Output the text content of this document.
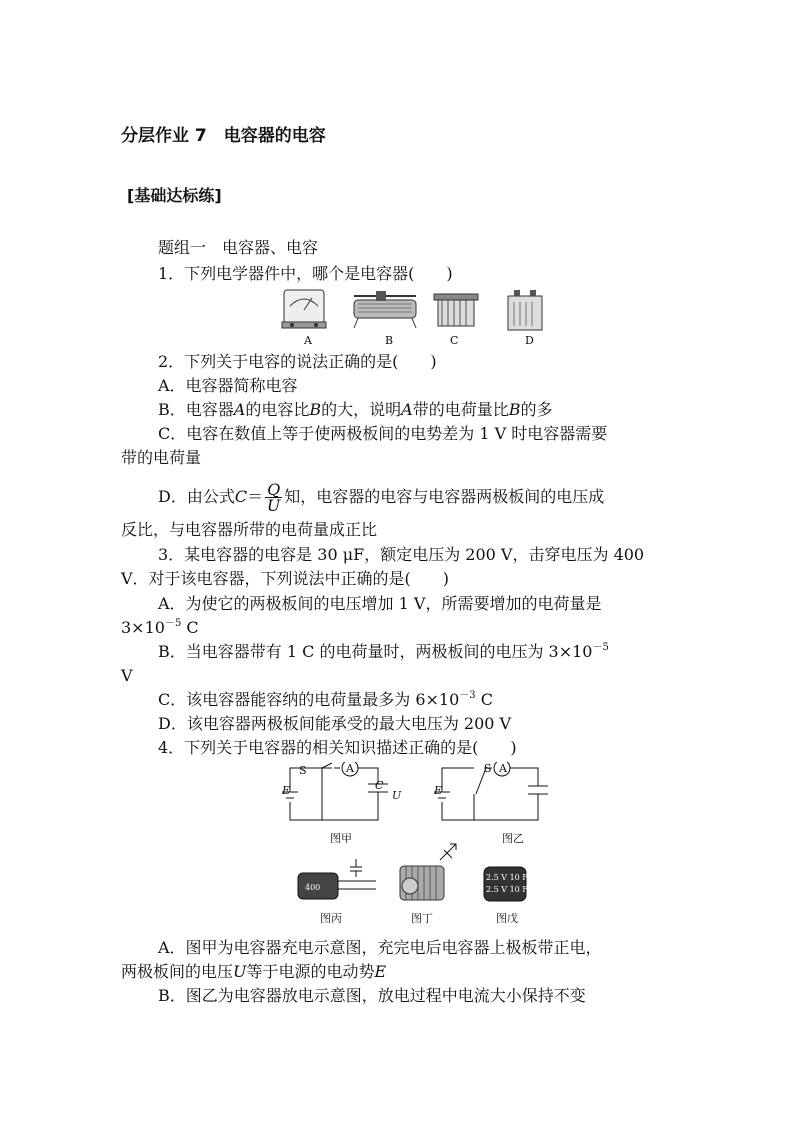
分层作业 7　电容器的电容
[基础达标练]
题组一　电容器、电容
1．下列电学器件中，哪个是电容器(　　)
A	B	C	D
2．下列关于电容的说法正确的是(　　)
A．电容器简称电容
B．电容器A的电容比B的大，说明A带的电荷量比B的多
C．电容在数值上等于使两极板间的电势差为 1 V 时电容器需要
带的电荷量
D．由公式$C= \frac{Q}{U}$ 知，电容器的电容与电容器两极板间的电压成
反比，与电容器所带的电荷量成正比
3．某电容器的电容是 30 μF，额定电压为 200 V，击穿电压为 400
V．对于该电容器，下列说法中正确的是(　　)
A．为使它的两极板间的电压增加 1 V，所需要增加的电荷量是
$3\times 10^{-5}$ C
B．当电容器带有 1 C 的电荷量时，两极板间的电压为 $3\times 10^{-5}$
V
C．该电容器能容纳的电荷量最多为 $6\times 10^{-3}$ C
D．该电容器两极板间能承受的最大电压为 200 V
4．下列关于电容器的相关知识描述正确的是(　　)
S	A
E	C
U
图甲
S A
E
图乙
400
图丙	图丁
2.5 V 10 F
2.5 V 10 F
图戊
A．图甲为电容器充电示意图，充完电后电容器上极板带正电，
两极板间的电压U等于电源的电动势E
B．图乙为电容器放电示意图，放电过程中电流大小保持不变
